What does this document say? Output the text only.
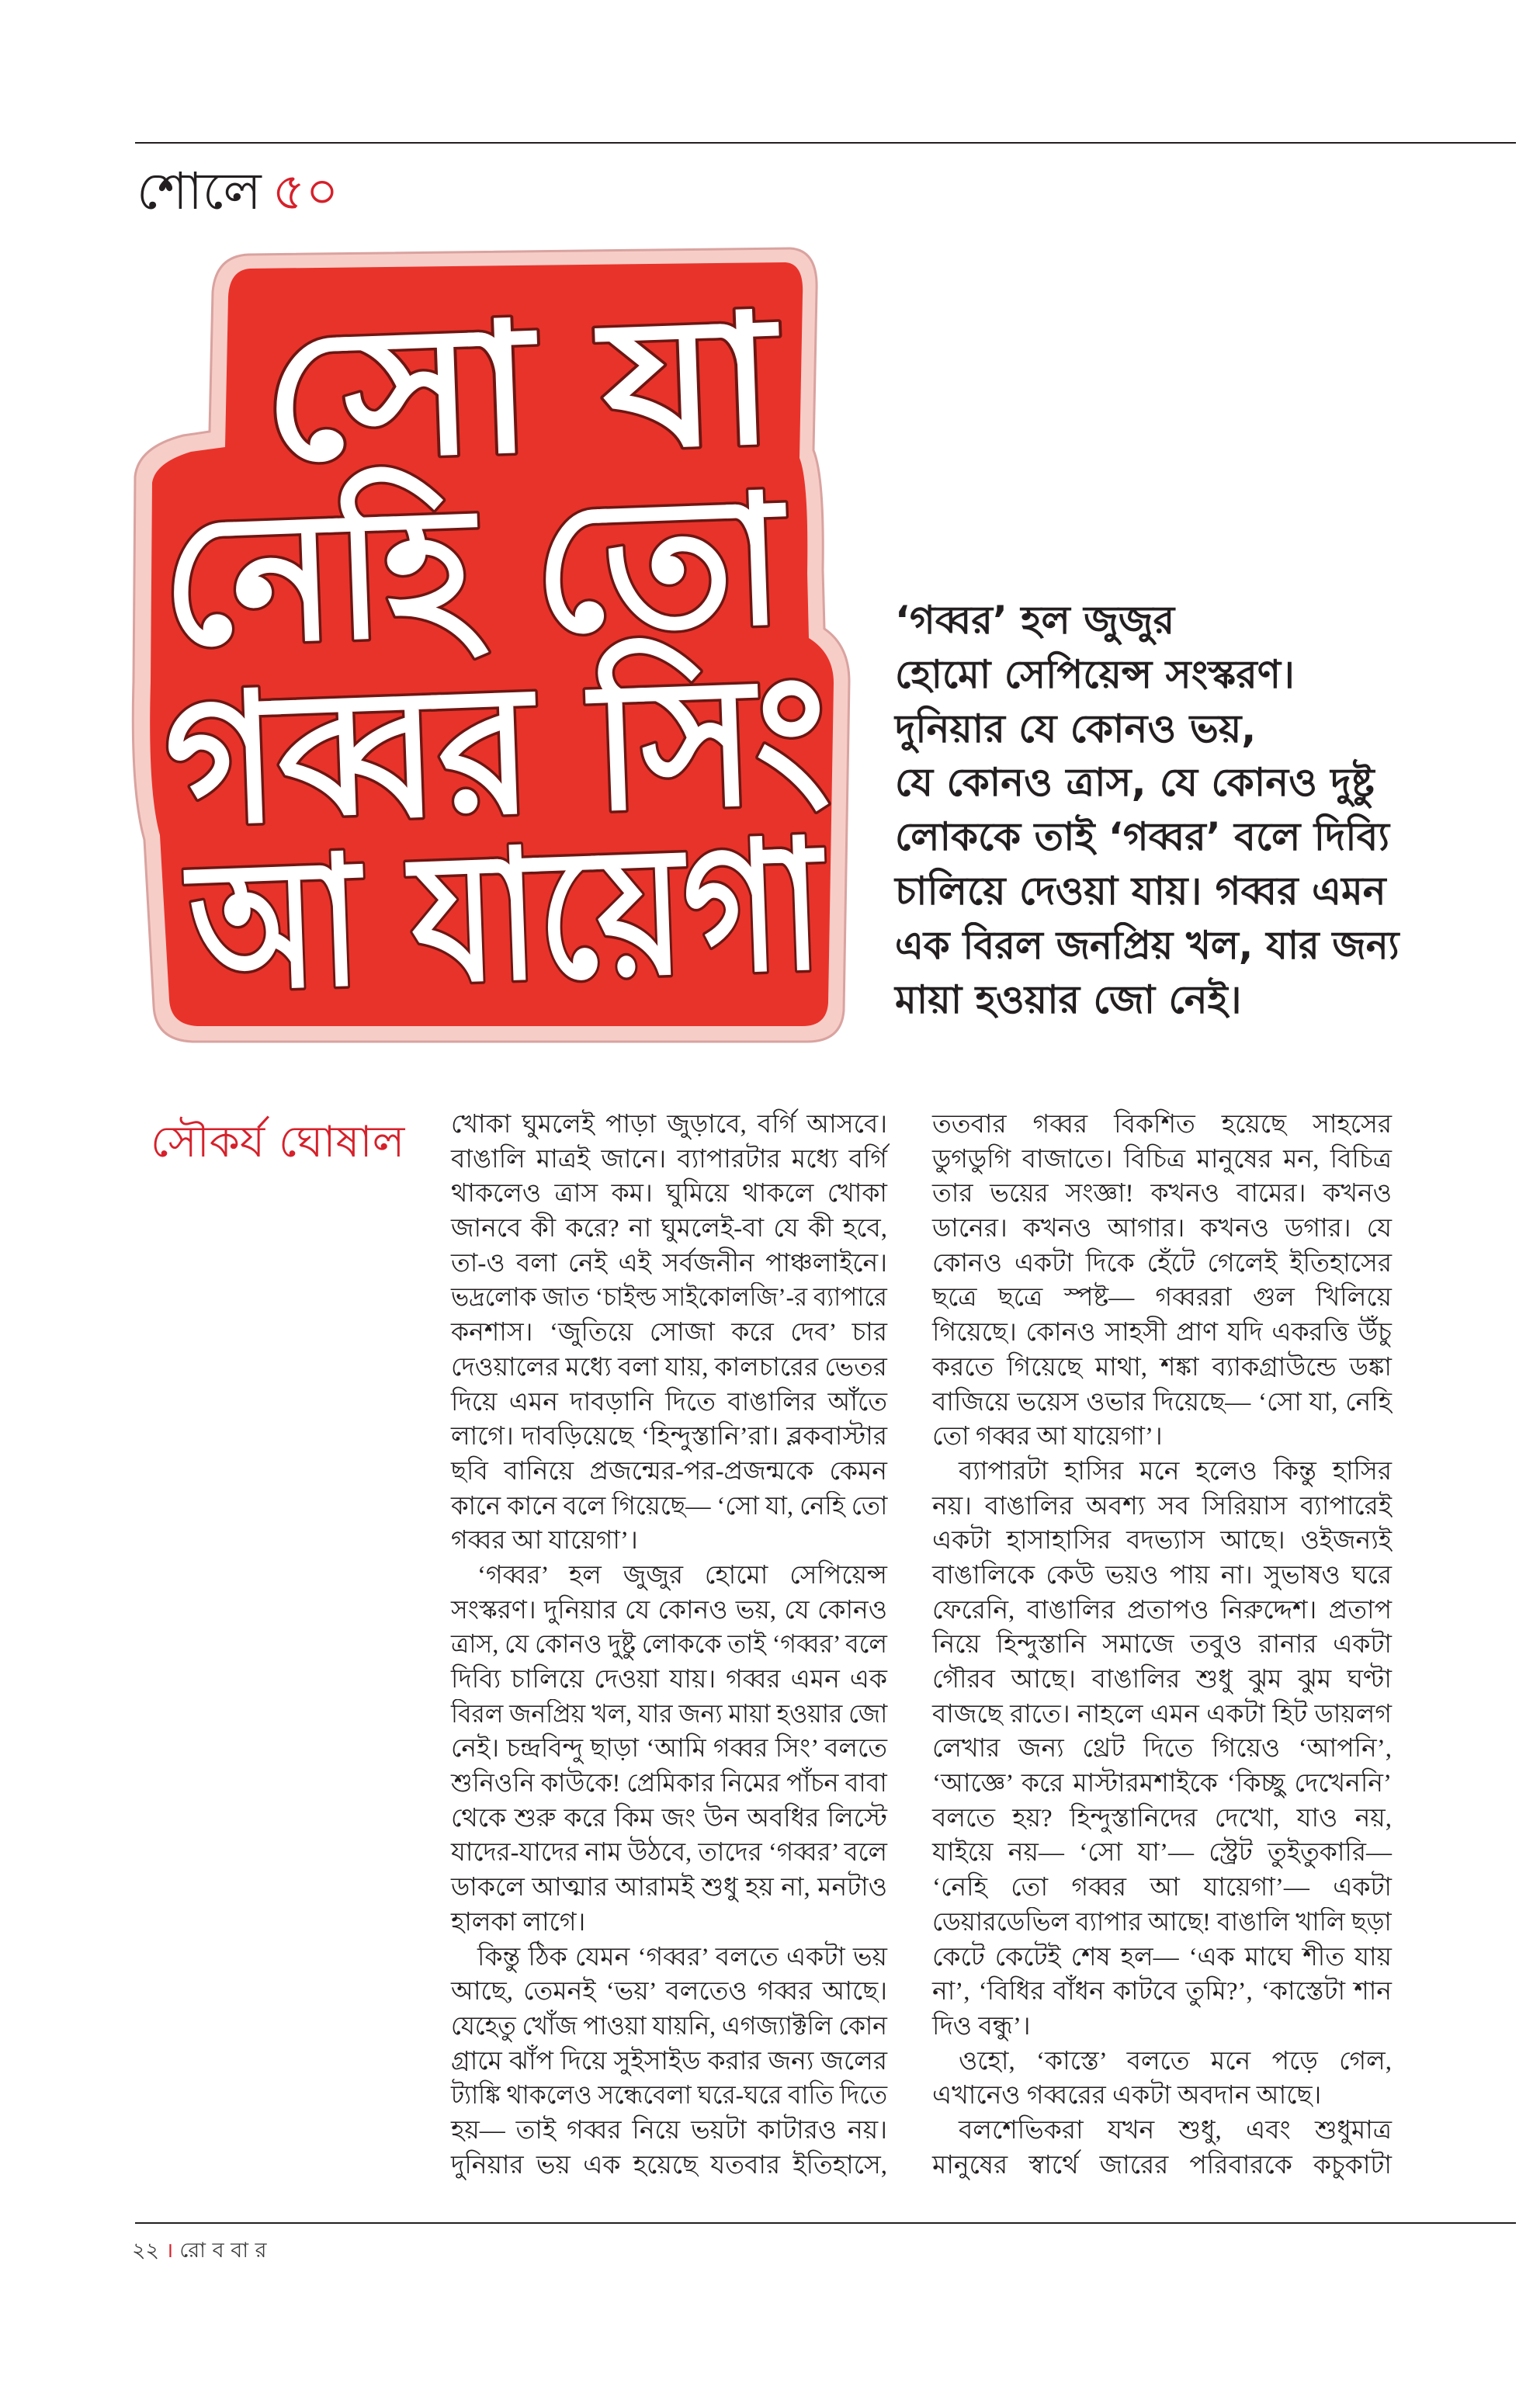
শোলে ৫০
সো যা
নেহি তো
গব্বর সিং
আ যায়েগা
‘গব্বর’ হল জুজুর
হোমো সেপিয়েন্স সংস্করণ।
দুনিয়ার যে কোনও ভয়,
যে কোনও ত্রাস, যে কোনও দুষ্টু
লোককে তাই ‘গব্বর’ বলে দিব্যি
চালিয়ে দেওয়া যায়। গব্বর এমন
এক বিরল জনপ্রিয় খল, যার জন্য
মায়া হওয়ার জো নেই।
সৌকর্য ঘোষাল খোকা ঘুমলেই পাড়া জুড়াবে, বর্গি আসবে।
বাঙালি মাত্রই জানে। ব্যাপারটার মধ্যে বর্গি
থাকলেও ত্রাস কম। ঘুমিয়ে থাকলে খোকা
জানবে কী করে? না ঘুমলেই-বা যে কী হবে,
তা-ও বলা নেই এই সর্বজনীন পাঞ্চলাইনে।
ভদ্রলোক জাত ‘চাইল্ড সাইকোলজি’-র ব্যাপারে
কনশাস। ‘জুতিয়ে সোজা করে দেব’ চার
দেওয়ালের মধ্যে বলা যায়, কালচারের ভেতর
দিয়ে এমন দাবড়ানি দিতে বাঙালির আঁতে
লাগে। দাবড়িয়েছে ‘হিন্দুস্তানি’রা। ব্লকবাস্টার
ছবি বানিয়ে প্রজন্মের-পর-প্রজন্মকে কেমন
কানে কানে বলে গিয়েছে— ‘সো যা, নেহি তো
গব্বর আ যায়েগা’।
‘গব্বর’ হল জুজুর হোমো সেপিয়েন্স
সংস্করণ। দুনিয়ার যে কোনও ভয়, যে কোনও
ত্রাস, যে কোনও দুষ্টু লোককে তাই ‘গব্বর’ বলে
দিব্যি চালিয়ে দেওয়া যায়। গব্বর এমন এক
বিরল জনপ্রিয় খল, যার জন্য মায়া হওয়ার জো
নেই। চন্দ্রবিন্দু ছাড়া ‘আমি গব্বর সিং’ বলতে
শুনিওনি কাউকে! প্রেমিকার নিমের পাঁচন বাবা
থেকে শুরু করে কিম জং উন অবধির লিস্টে
যাদের-যাদের নাম উঠবে, তাদের ‘গব্বর’ বলে
ডাকলে আত্মার আরামই শুধু হয় না, মনটাও
হালকা লাগে।
কিন্তু ঠিক যেমন ‘গব্বর’ বলতে একটা ভয়
আছে, তেমনই ‘ভয়’ বলতেও গব্বর আছে।
যেহেতু খোঁজ পাওয়া যায়নি, এগজ্যাক্টলি কোন
গ্রামে ঝাঁপ দিয়ে সুইসাইড করার জন্য জলের
ট্যাঙ্কি থাকলেও সন্ধেবেলা ঘরে-ঘরে বাতি দিতে
হয়— তাই গব্বর নিয়ে ভয়টা কাটারও নয়।
দুনিয়ার ভয় এক হয়েছে যতবার ইতিহাসে,
ততবার গব্বর বিকশিত হয়েছে সাহসের
ডুগডুগি বাজাতে। বিচিত্র মানুষের মন, বিচিত্র
তার ভয়ের সংজ্ঞা! কখনও বামের। কখনও
ডানের। কখনও আগার। কখনও ডগার। যে
কোনও একটা দিকে হেঁটে গেলেই ইতিহাসের
ছত্রে ছত্রে স্পষ্ট— গব্বররা গুল খিলিয়ে
গিয়েছে। কোনও সাহসী প্রাণ যদি একরত্তি উঁচু
করতে গিয়েছে মাথা, শঙ্কা ব্যাকগ্রাউন্ডে ডঙ্কা
বাজিয়ে ভয়েস ওভার দিয়েছে— ‘সো যা, নেহি
তো গব্বর আ যায়েগা’।
ব্যাপারটা হাসির মনে হলেও কিন্তু হাসির
নয়। বাঙালির অবশ্য সব সিরিয়াস ব্যাপারেই
একটা হাসাহাসির বদভ্যাস আছে। ওইজন্যই
বাঙালিকে কেউ ভয়ও পায় না। সুভাষও ঘরে
ফেরেনি, বাঙালির প্রতাপও নিরুদ্দেশ। প্রতাপ
নিয়ে হিন্দুস্তানি সমাজে তবুও রানার একটা
গৌরব আছে। বাঙালির শুধু ঝুম ঝুম ঘণ্টা
বাজছে রাতে। নাহলে এমন একটা হিট ডায়লগ
লেখার জন্য থ্রেট দিতে গিয়েও ‘আপনি’,
‘আজ্ঞে’ করে মাস্টারমশাইকে ‘কিচ্ছু দেখেননি’
বলতে হয়? হিন্দুস্তানিদের দেখো, যাও নয়,
যাইয়ে নয়— ‘সো যা’— স্ট্রেট তুইতুকারি—
‘নেহি তো গব্বর আ যায়েগা’— একটা
ডেয়ারডেভিল ব্যাপার আছে! বাঙালি খালি ছড়া
কেটে কেটেই শেষ হল— ‘এক মাঘে শীত যায়
না’, ‘বিধির বাঁধন কাটবে তুমি?’, ‘কাস্তেটা শান
দিও বন্ধু’।
ওহো, ‘কাস্তে’ বলতে মনে পড়ে গেল,
এখানেও গব্বরের একটা অবদান আছে।
বলশেভিকরা যখন শুধু, এবং শুধুমাত্র
মানুষের স্বার্থে জারের পরিবারকে কচুকাটা
২২ । রো ব বা র
